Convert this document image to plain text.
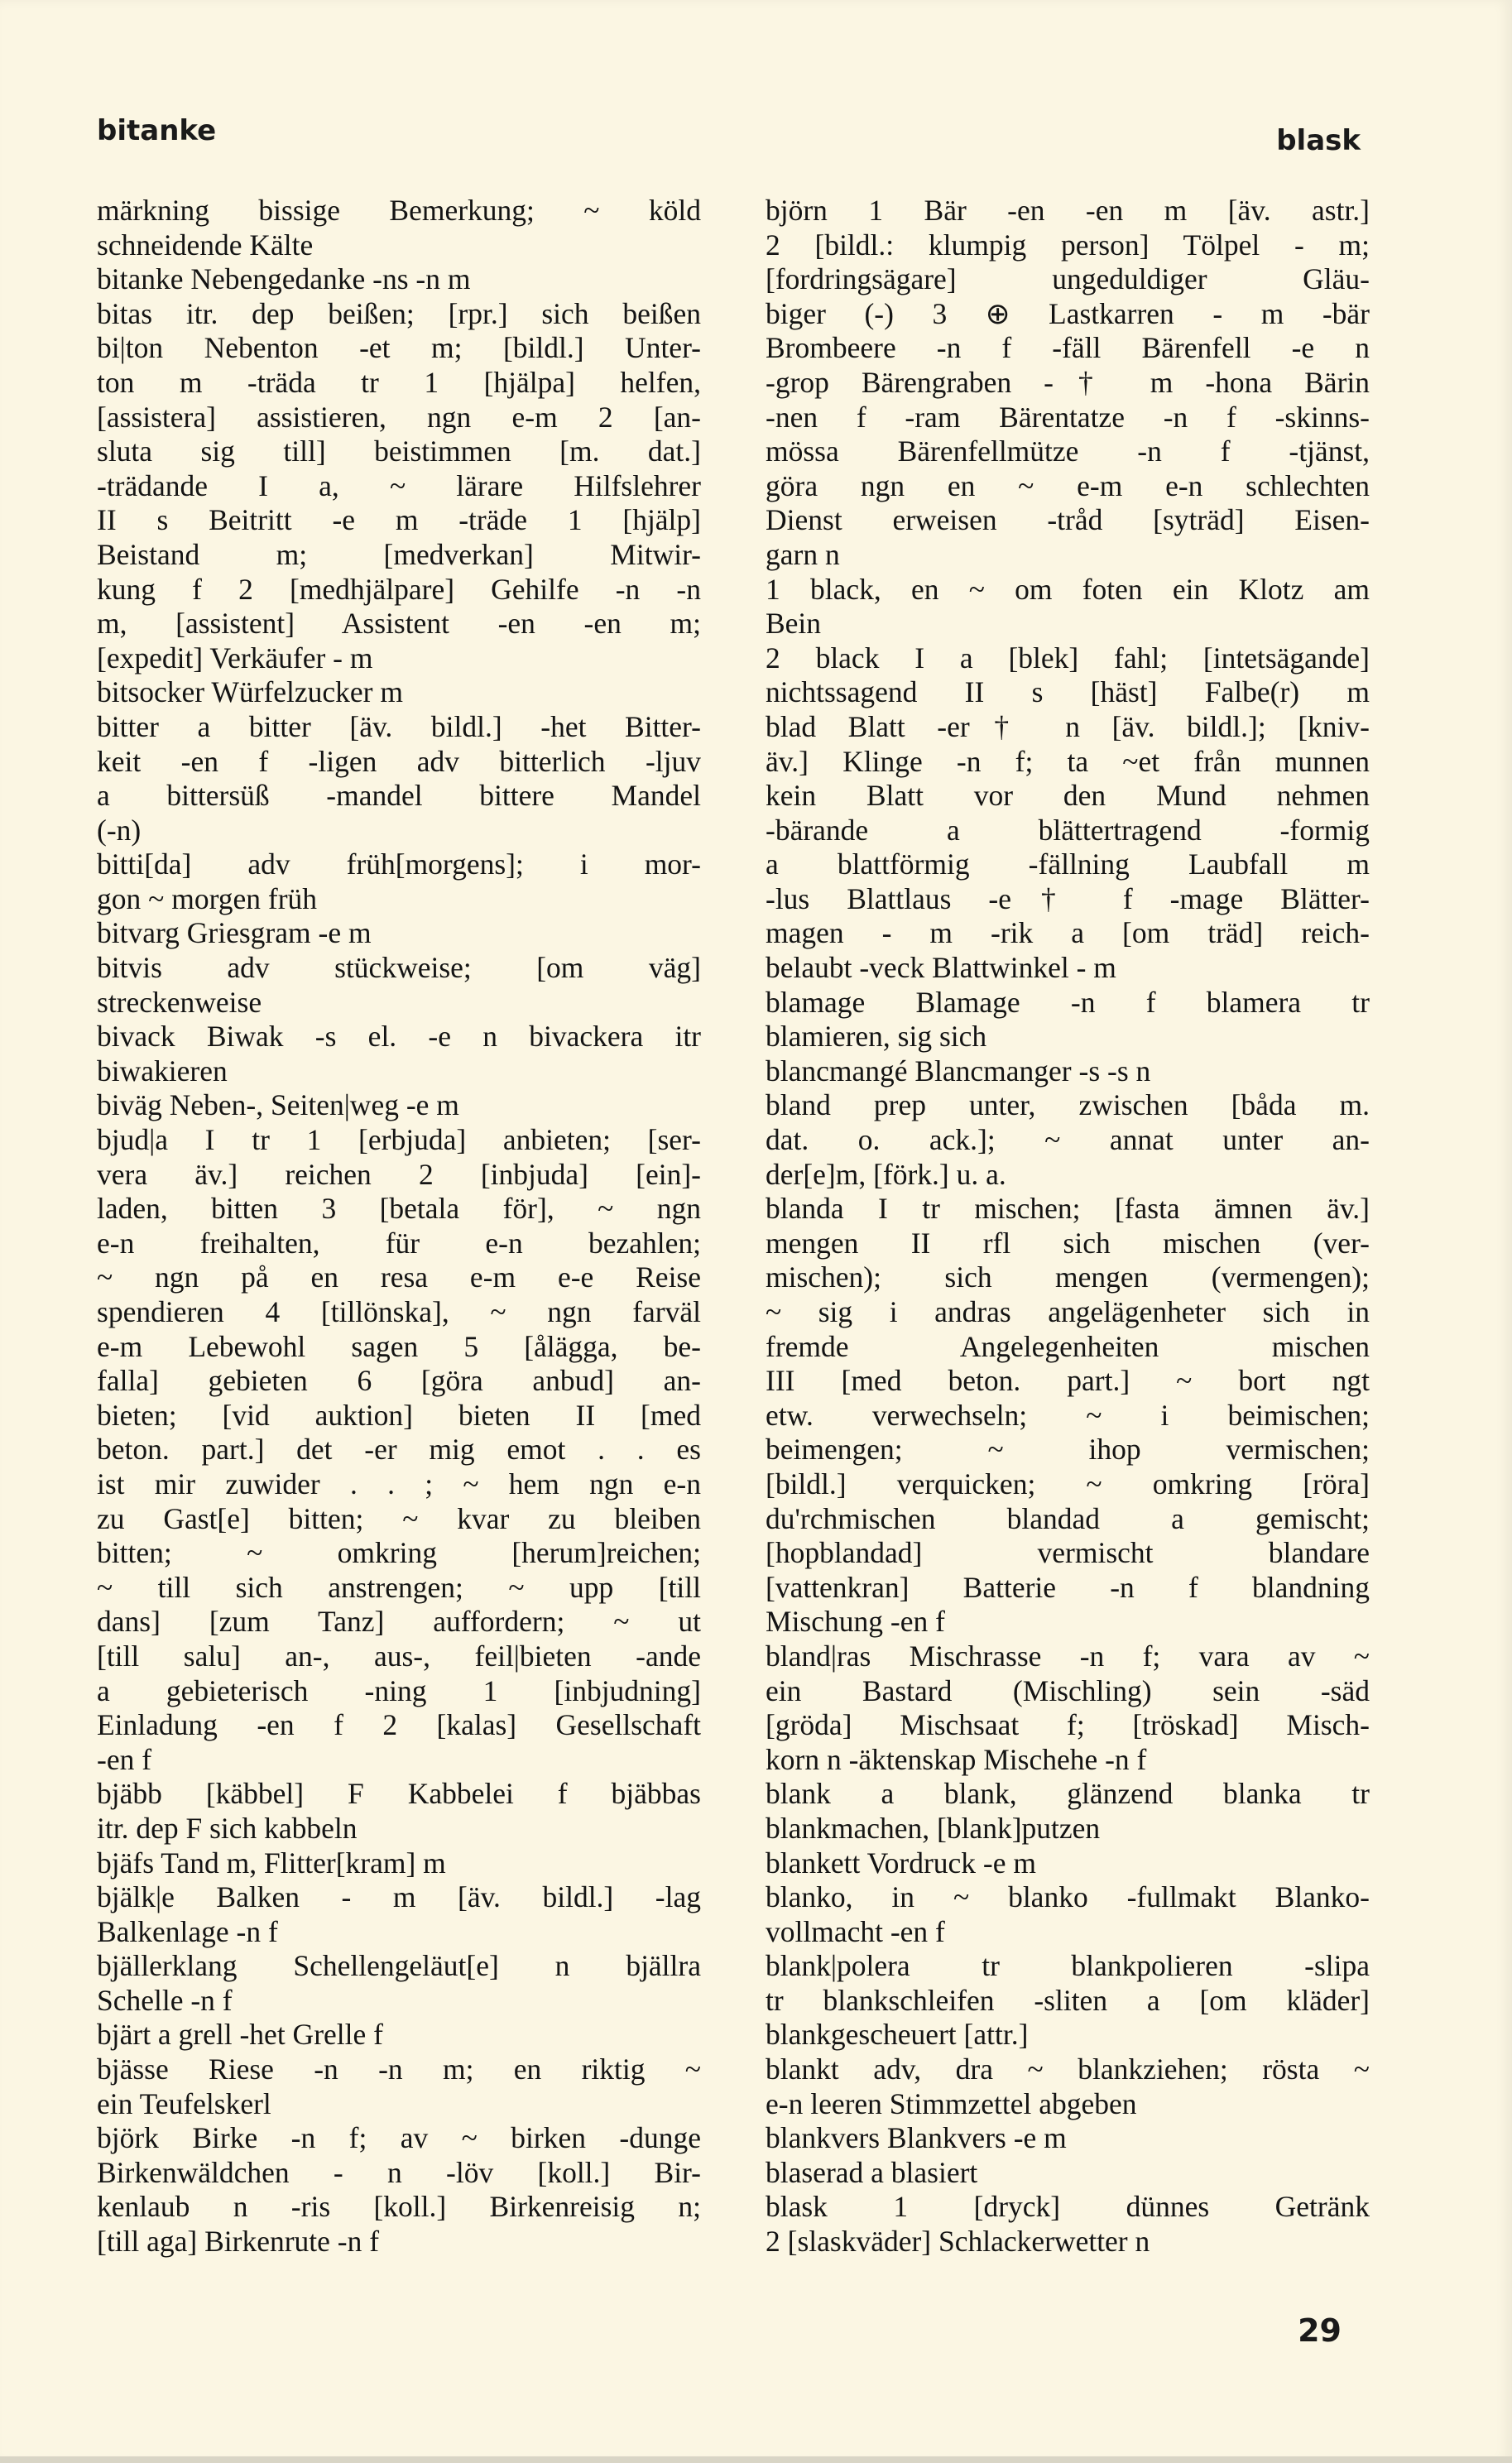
bitanke	blask
märkning bissige Bemerkung; ~ köld
schneidende Kälte
bitanke Nebengedanke -ns -n m
bitas itr. dep beißen; [rpr.] sich beißen
bi|ton Nebenton -et m; [bildl.] Unter-
ton m -träda tr 1 [hjälpa] helfen,
[assistera] assistieren, ngn e-m 2 [an-
sluta sig till] beistimmen [m. dat.]
-trädande I a, ~ lärare Hilfslehrer
II s Beitritt -e m -träde 1 [hjälp]
Beistand m; [medverkan] Mitwir-
kung f 2 [medhjälpare] Gehilfe -n -n
m, [assistent] Assistent -en -en m;
[expedit] Verkäufer - m
bitsocker Würfelzucker m
bitter a bitter [äv. bildl.] -het Bitter-
keit -en f -ligen adv bitterlich -ljuv
a bittersüß -mandel bittere Mandel
(-n)
bitti[da] adv früh[morgens]; i mor-
gon ~ morgen früh
bitvarg Griesgram -e m
bitvis adv stückweise; [om väg]
streckenweise
bivack Biwak -s el. -e n bivackera itr
biwakieren
biväg Neben-, Seiten|weg -e m
bjud|a I tr 1 [erbjuda] anbieten; [ser-
vera äv.] reichen 2 [inbjuda] [ein]-
laden, bitten 3 [betala för], ~ ngn
e-n freihalten, für e-n bezahlen;
~ ngn på en resa e-m e-e Reise
spendieren 4 [tillönska], ~ ngn farväl
e-m Lebewohl sagen 5 [ålägga, be-
falla] gebieten 6 [göra anbud] an-
bieten; [vid auktion] bieten II [med
beton. part.] det -er mig emot . . es
ist mir zuwider . . ; ~ hem ngn e-n
zu Gast[e] bitten; ~ kvar zu bleiben
bitten; ~ omkring [herum]reichen;
~ till sich anstrengen; ~ upp [till
dans] [zum Tanz] auffordern; ~ ut
[till salu] an-, aus-, feil|bieten -ande
a gebieterisch -ning 1 [inbjudning]
Einladung -en f 2 [kalas] Gesellschaft
-en f
bjäbb [käbbel] F Kabbelei f bjäbbas
itr. dep F sich kabbeln
bjäfs Tand m, Flitter[kram] m
bjälk|e Balken - m [äv. bildl.] -lag
Balkenlage -n f
bjällerklang Schellengeläut[e] n bjällra
Schelle -n f
bjärt a grell -het Grelle f
bjässe Riese -n -n m; en riktig ~
ein Teufelskerl
björk Birke -n f; av ~ birken -dunge
Birkenwäldchen - n -löv [koll.] Bir-
kenlaub n -ris [koll.] Birkenreisig n;
[till aga] Birkenrute -n f
björn 1 Bär -en -en m [äv. astr.]
2 [bildl.: klumpig person] Tölpel - m;
[fordringsägare] ungeduldiger Gläu-
biger (-) 3 ⊕ Lastkarren - m -bär
Brombeere -n f -fäll Bärenfell -e n
-grop Bärengraben -† m -hona Bärin
-nen f -ram Bärentatze -n f -skinns-
mössa Bärenfellmütze -n f -tjänst,
göra ngn en ~ e-m e-n schlechten
Dienst erweisen -tråd [syträd] Eisen-
garn n
1 black, en ~ om foten ein Klotz am
Bein
2 black I a [blek] fahl; [intetsägande]
nichtssagend II s [häst] Falbe(r) m
blad Blatt -er† n [äv. bildl.]; [kniv-
äv.] Klinge -n f; ta ~et från munnen
kein Blatt vor den Mund nehmen
-bärande a blättertragend -formig
a blattförmig -fällning Laubfall m
-lus Blattlaus -e† f -mage Blätter-
magen - m -rik a [om träd] reich-
belaubt -veck Blattwinkel - m
blamage Blamage -n f blamera tr
blamieren, sig sich
blancmangé Blancmanger -s -s n
bland prep unter, zwischen [båda m.
dat. o. ack.]; ~ annat unter an-
der[e]m, [förk.] u. a.
blanda I tr mischen; [fasta ämnen äv.]
mengen II rfl sich mischen (ver-
mischen); sich mengen (vermengen);
~ sig i andras angelägenheter sich in
fremde Angelegenheiten mischen
III [med beton. part.] ~ bort ngt
etw. verwechseln; ~ i beimischen;
beimengen; ~ ihop vermischen;
[bildl.] verquicken; ~ omkring [röra]
du'rchmischen blandad a gemischt;
[hopblandad] vermischt blandare
[vattenkran] Batterie -n f blandning
Mischung -en f
bland|ras Mischrasse -n f; vara av ~
ein Bastard (Mischling) sein -säd
[gröda] Mischsaat f; [tröskad] Misch-
korn n -äktenskap Mischehe -n f
blank a blank, glänzend blanka tr
blankmachen, [blank]putzen
blankett Vordruck -e m
blanko, in ~ blanko -fullmakt Blanko-
vollmacht -en f
blank|polera tr blankpolieren -slipa
tr blankschleifen -sliten a [om kläder]
blankgescheuert [attr.]
blankt adv, dra ~ blankziehen; rösta ~
e-n leeren Stimmzettel abgeben
blankvers Blankvers -e m
blaserad a blasiert
blask 1 [dryck] dünnes Getränk
2 [slaskväder] Schlackerwetter n
29
